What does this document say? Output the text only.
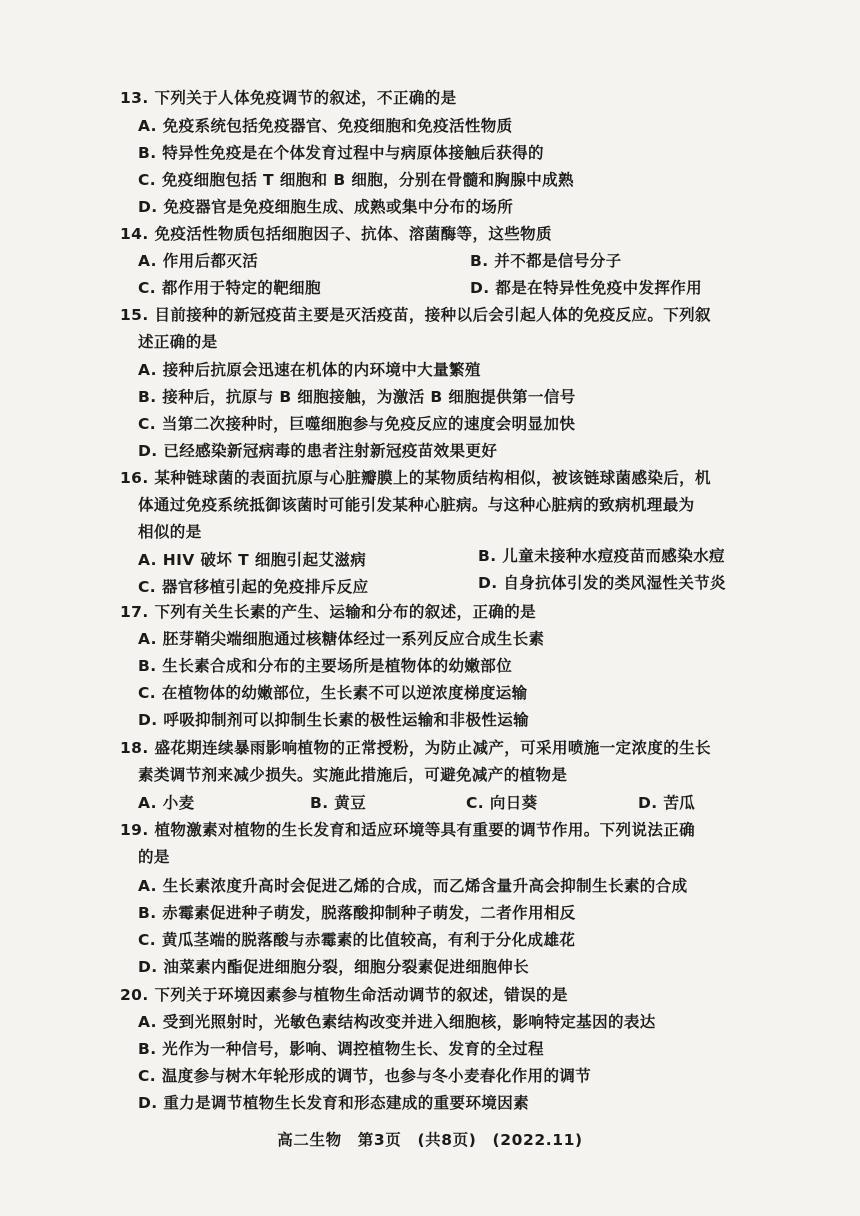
13. 下列关于人体免疫调节的叙述，不正确的是
A. 免疫系统包括免疫器官、免疫细胞和免疫活性物质
B. 特异性免疫是在个体发育过程中与病原体接触后获得的
C. 免疫细胞包括 T 细胞和 B 细胞，分别在骨髓和胸腺中成熟
D. 免疫器官是免疫细胞生成、成熟或集中分布的场所
14. 免疫活性物质包括细胞因子、抗体、溶菌酶等，这些物质
A. 作用后都灭活	B. 并不都是信号分子
C. 都作用于特定的靶细胞	D. 都是在特异性免疫中发挥作用
15. 目前接种的新冠疫苗主要是灭活疫苗，接种以后会引起人体的免疫反应。下列叙
述正确的是
A. 接种后抗原会迅速在机体的内环境中大量繁殖
B. 接种后，抗原与 B 细胞接触，为激活 B 细胞提供第一信号
C. 当第二次接种时，巨噬细胞参与免疫反应的速度会明显加快
D. 已经感染新冠病毒的患者注射新冠疫苗效果更好
16. 某种链球菌的表面抗原与心脏瓣膜上的某物质结构相似，被该链球菌感染后，机
体通过免疫系统抵御该菌时可能引发某种心脏病。与这种心脏病的致病机理最为
相似的是
A. HIV 破坏 T 细胞引起艾滋病	B. 儿童未接种水痘疫苗而感染水痘
C. 器官移植引起的免疫排斥反应	D. 自身抗体引发的类风湿性关节炎
17. 下列有关生长素的产生、运输和分布的叙述，正确的是
A. 胚芽鞘尖端细胞通过核糖体经过一系列反应合成生长素
B. 生长素合成和分布的主要场所是植物体的幼嫩部位
C. 在植物体的幼嫩部位，生长素不可以逆浓度梯度运输
D. 呼吸抑制剂可以抑制生长素的极性运输和非极性运输
18. 盛花期连续暴雨影响植物的正常授粉，为防止减产，可采用喷施一定浓度的生长
素类调节剂来减少损失。实施此措施后，可避免减产的植物是
A. 小麦	B. 黄豆	C. 向日葵	D. 苦瓜
19. 植物激素对植物的生长发育和适应环境等具有重要的调节作用。下列说法正确
的是
A. 生长素浓度升高时会促进乙烯的合成，而乙烯含量升高会抑制生长素的合成
B. 赤霉素促进种子萌发，脱落酸抑制种子萌发，二者作用相反
C. 黄瓜茎端的脱落酸与赤霉素的比值较高，有利于分化成雄花
D. 油菜素内酯促进细胞分裂，细胞分裂素促进细胞伸长
20. 下列关于环境因素参与植物生命活动调节的叙述，错误的是
A. 受到光照射时，光敏色素结构改变并进入细胞核，影响特定基因的表达
B. 光作为一种信号，影响、调控植物生长、发育的全过程
C. 温度参与树木年轮形成的调节，也参与冬小麦春化作用的调节
D. 重力是调节植物生长发育和形态建成的重要环境因素
高二生物　第3页　(共8页)　(2022.11)
